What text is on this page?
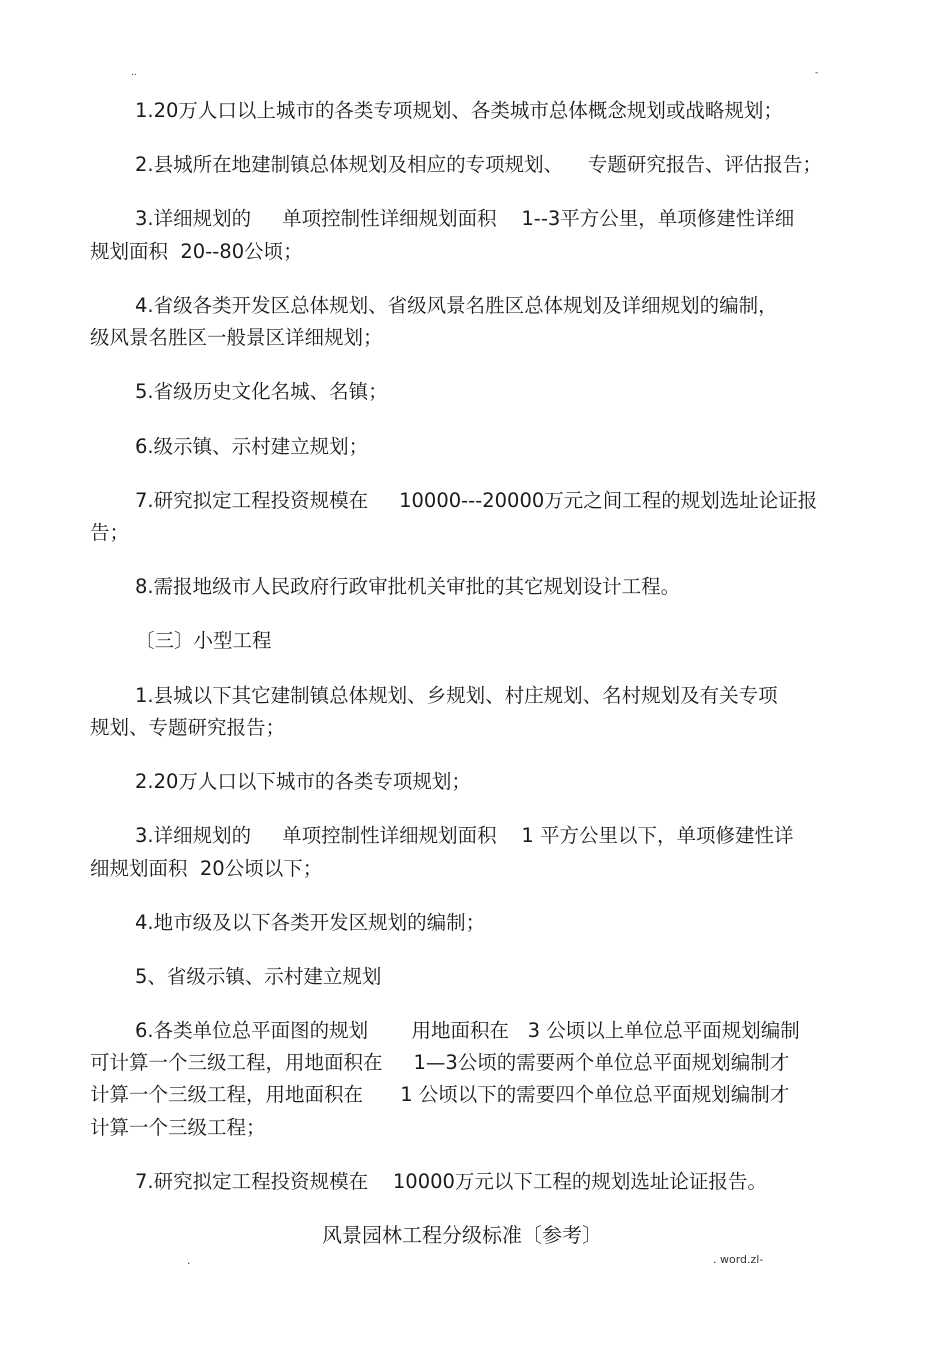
..	-
1.20万人口以上城市的各类专项规划、各类城市总体概念规划或战略规划；
2.县城所在地建制镇总体规划及相应的专项规划、    专题研究报告、评估报告；
3.详细规划的     单项控制性详细规划面积    1--3平方公里，单项修建性详细
规划面积  20--80公顷；
4.省级各类开发区总体规划、省级风景名胜区总体规划及详细规划的编制，
级风景名胜区一般景区详细规划；
5.省级历史文化名城、名镇；
6.级示镇、示村建立规划；
7.研究拟定工程投资规模在     10000---20000万元之间工程的规划选址论证报
告；
8.需报地级市人民政府行政审批机关审批的其它规划设计工程。
〔三〕小型工程
1.县城以下其它建制镇总体规划、乡规划、村庄规划、名村规划及有关专项
规划、专题研究报告；
2.20万人口以下城市的各类专项规划；
3.详细规划的     单项控制性详细规划面积    1 平方公里以下，单项修建性详
细规划面积  20公顷以下；
4.地市级及以下各类开发区规划的编制；
5、省级示镇、示村建立规划
6.各类单位总平面图的规划       用地面积在   3 公顷以上单位总平面规划编制
可计算一个三级工程，用地面积在     1—3公顷的需要两个单位总平面规划编制才
计算一个三级工程，用地面积在      1 公顷以下的需要四个单位总平面规划编制才
计算一个三级工程；
7.研究拟定工程投资规模在    10000万元以下工程的规划选址论证报告。
风景园林工程分级标准〔参考〕
.	. word.zl-
